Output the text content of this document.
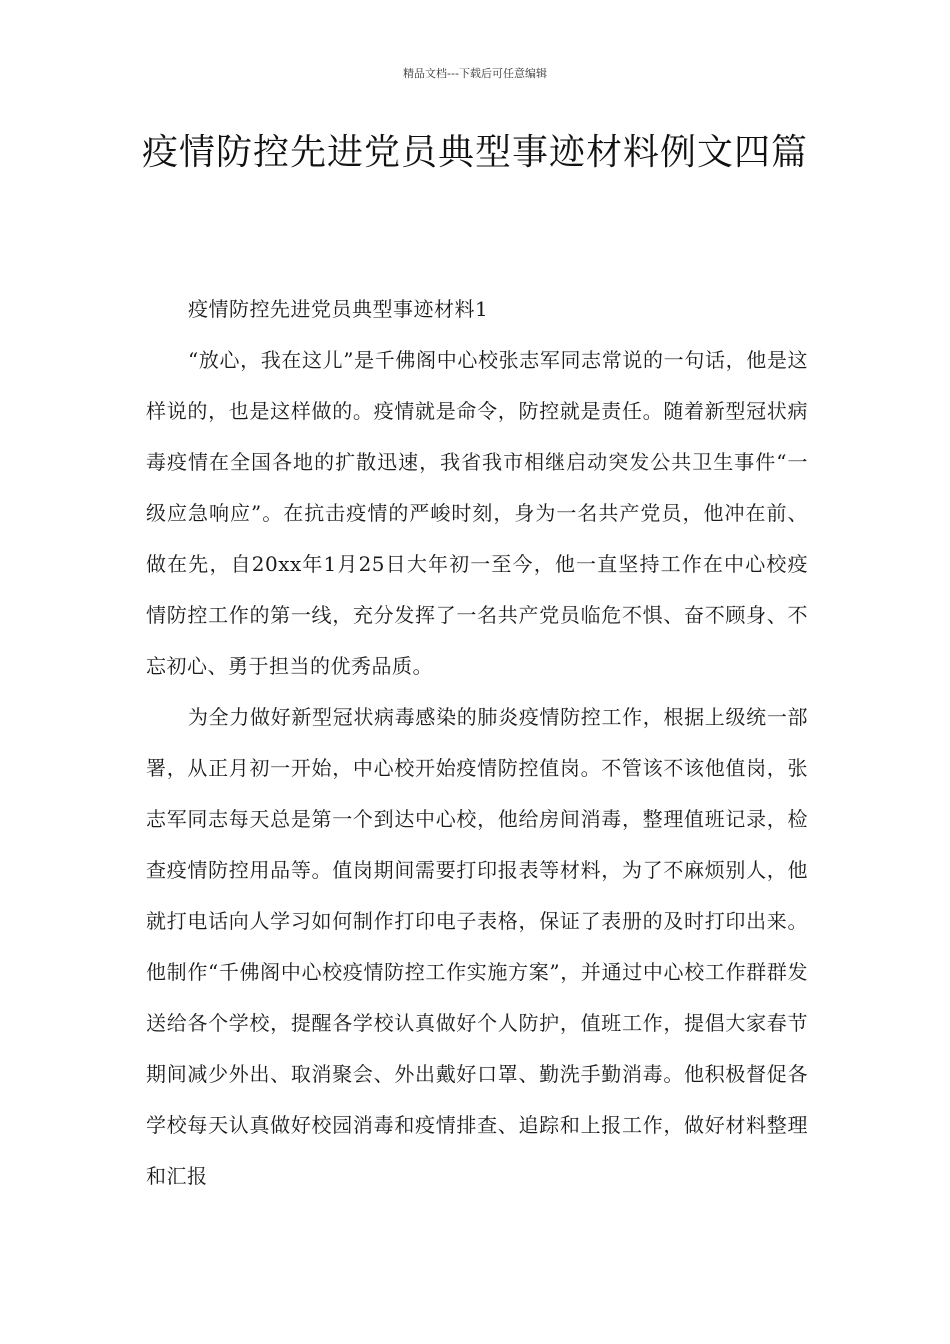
精品文档---下载后可任意编辑
疫情防控先进党员典型事迹材料例文四篇

疫情防控先进党员典型事迹材料1

“放心，我在这儿”是千佛阁中心校张志军同志常说的一句话，他是这样说的，也是这样做的。疫情就是命令，防控就是责任。随着新型冠状病毒疫情在全国各地的扩散迅速，我省我市相继启动突发公共卫生事件“一级应急响应”。在抗击疫情的严峻时刻，身为一名共产党员，他冲在前、做在先，自20xx年1月25日大年初一至今，他一直坚持工作在中心校疫情防控工作的第一线，充分发挥了一名共产党员临危不惧、奋不顾身、不忘初心、勇于担当的优秀品质。

为全力做好新型冠状病毒感染的肺炎疫情防控工作，根据上级统一部署，从正月初一开始，中心校开始疫情防控值岗。不管该不该他值岗，张志军同志每天总是第一个到达中心校，他给房间消毒，整理值班记录，检查疫情防控用品等。值岗期间需要打印报表等材料，为了不麻烦别人，他就打电话向人学习如何制作打印电子表格，保证了表册的及时打印出来。他制作“千佛阁中心校疫情防控工作实施方案”，并通过中心校工作群群发送给各个学校，提醒各学校认真做好个人防护，值班工作，提倡大家春节期间减少外出、取消聚会、外出戴好口罩、勤洗手勤消毒。他积极督促各学校每天认真做好校园消毒和疫情排查、追踪和上报工作，做好材料整理和汇报
